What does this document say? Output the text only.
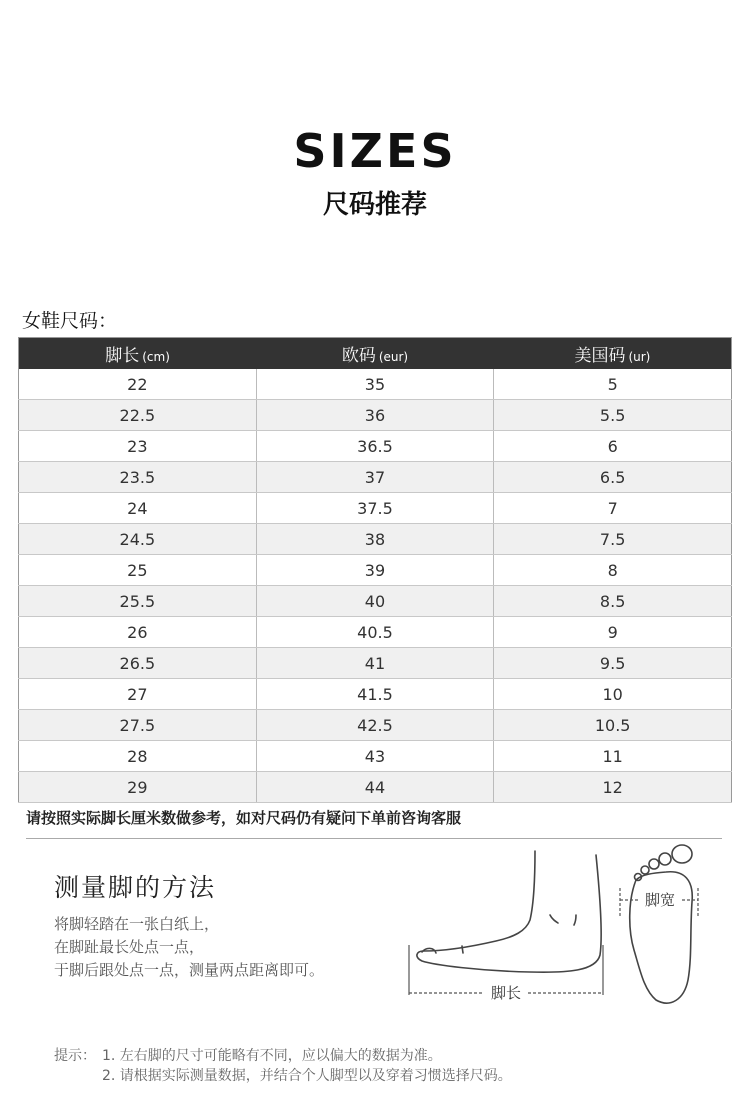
SIZES
尺码推荐
女鞋尺码：
脚长 (cm)	欧码 (eur)	美国码 (ur)
22	35	5
22.5	36	5.5
23	36.5	6
23.5	37	6.5
24	37.5	7
24.5	38	7.5
25	39	8
25.5	40	8.5
26	40.5	9
26.5	41	9.5
27	41.5	10
27.5	42.5	10.5
28	43	11
29	44	12
请按照实际脚长厘米数做参考，如对尺码仍有疑问下单前咨询客服
测量脚的方法
将脚轻踏在一张白纸上，
在脚趾最长处点一点，
于脚后跟处点一点，测量两点距离即可。
脚长
脚宽
提示： 1. 左右脚的尺寸可能略有不同，应以偏大的数据为准。
2. 请根据实际测量数据，并结合个人脚型以及穿着习惯选择尺码。
